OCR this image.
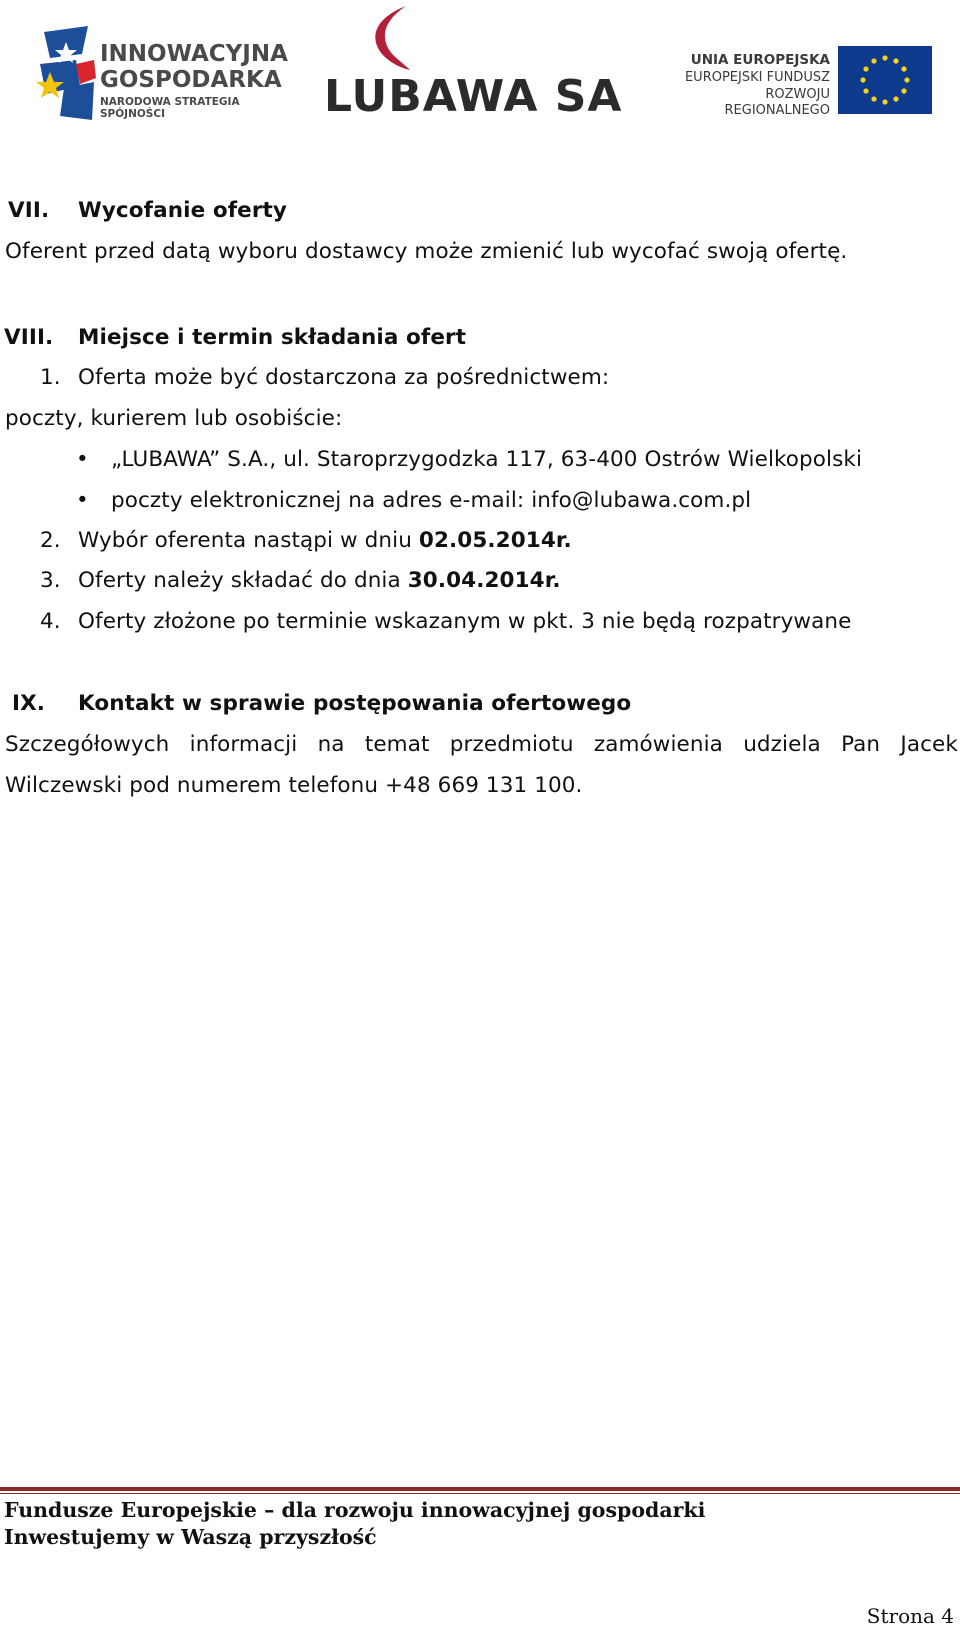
INNOWACYJNA
GOSPODARKA
NARODOWA STRATEGIA SPÓJNOŚCI	LUBAWA SA
UNIA EUROPEJSKA
EUROPEJSKI FUNDUSZ
ROZWOJU REGIONALNEGO
VII. Wycofanie oferty
Oferent przed datą wyboru dostawcy może zmienić lub wycofać swoją ofertę.
VIII. Miejsce i termin składania ofert
1. Oferta może być dostarczona za pośrednictwem:
poczty, kurierem lub osobiście:
• „LUBAWA” S.A., ul. Staroprzygodzka 117, 63-400 Ostrów Wielkopolski
• poczty elektronicznej na adres e-mail: info@lubawa.com.pl
2. Wybór oferenta nastąpi w dniu 02.05.2014r.
3. Oferty należy składać do dnia 30.04.2014r.
4. Oferty złożone po terminie wskazanym w pkt. 3 nie będą rozpatrywane
IX. Kontakt w sprawie postępowania ofertowego
Szczegółowych informacji na temat przedmiotu zamówienia udziela Pan Jacek
Wilczewski pod numerem telefonu +48 669 131 100.
Fundusze Europejskie – dla rozwoju innowacyjnej gospodarki
Inwestujemy w Waszą przyszłość
Strona 4
